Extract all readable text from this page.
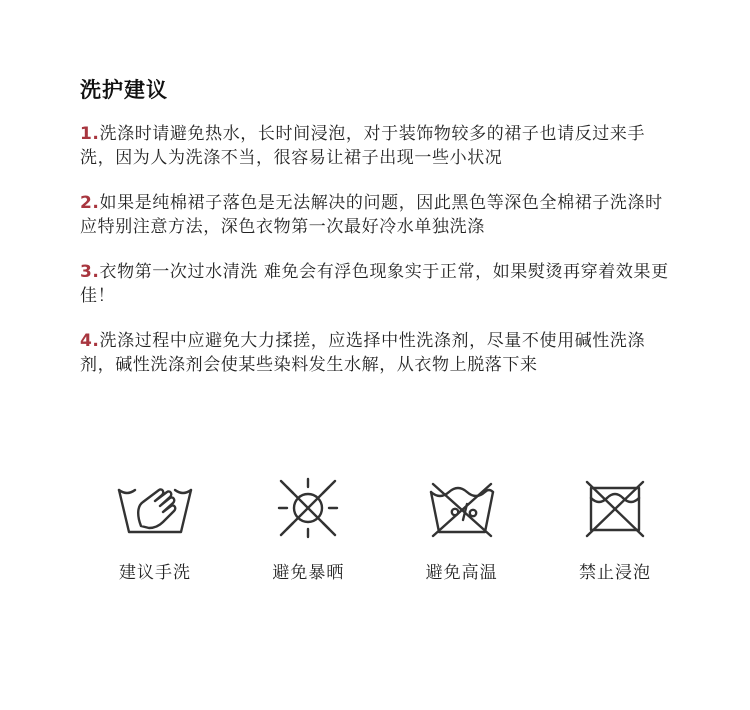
洗护建议

1.洗涤时请避免热水，长时间浸泡，对于装饰物较多的裙子也请反过来手洗，因为人为洗涤不当，很容易让裙子出现一些小状况

2.如果是纯棉裙子落色是无法解决的问题，因此黑色等深色全棉裙子洗涤时应特别注意方法，深色衣物第一次最好冷水单独洗涤

3.衣物第一次过水清洗 难免会有浮色现象实于正常，如果熨烫再穿着效果更佳！

4.洗涤过程中应避免大力揉搓，应选择中性洗涤剂，尽量不使用碱性洗涤剂，碱性洗涤剂会使某些染料发生水解，从衣物上脱落下来

建议手洗	避免暴晒	避免高温	禁止浸泡
